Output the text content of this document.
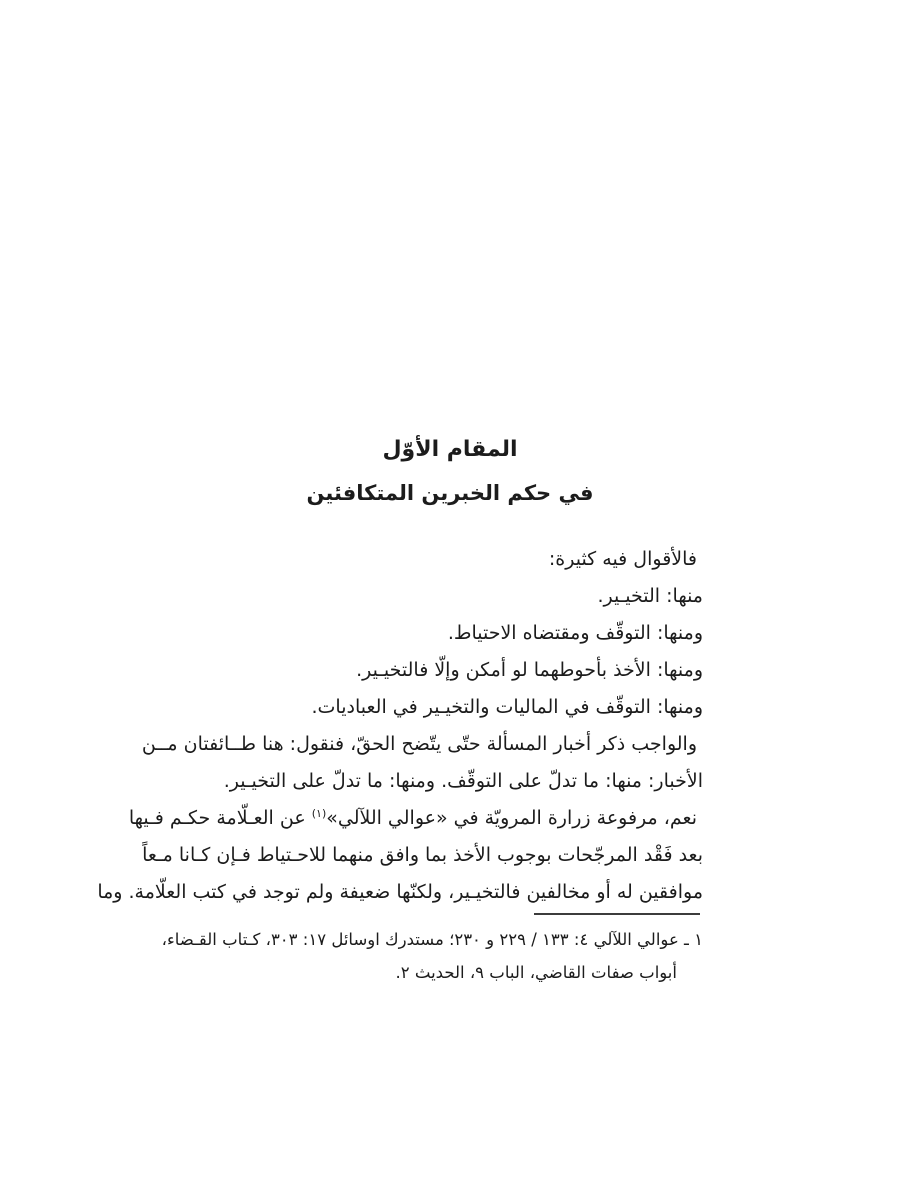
المقام الأوّل
في حكم الخبرين المتكافئين
فالأقوال فيه كثيرة:
منها: التخيـير.
ومنها: التوقّف ومقتضاه الاحتياط.
ومنها: الأخذ بأحوطهما لو أمكن وإلّا فالتخيـير.
ومنها: التوقّف في الماليات والتخيـير في العباديات.
والواجب ذكر أخبار المسألة حتّى يتّضح الحقّ، فنقول: هنا طــائفتان مــن
الأخبار: منها: ما تدلّ على التوقّف. ومنها: ما تدلّ على التخيـير.
نعم، مرفوعة زرارة المرويّة في «عوالي اللآلي»$^{(١)}$ عن العـلّامة حكـم فـيها
بعد فَقْد المرجّحات بوجوب الأخذ بما وافق منهما للاحـتياط فـإن كـانا مـعاً
موافقين له أو مخالفين فالتخيـير، ولكنّها ضعيفة ولم توجد في كتب العلّامة. وما
١ ـ عوالي اللآلي ٤: ١٣٣ / ٢٢٩ و ٢٣٠؛ مستدرك اوسائل ١٧: ٣٠٣، كـتاب القـضاء،
أبواب صفات القاضي، الباب ٩، الحديث ٢.
